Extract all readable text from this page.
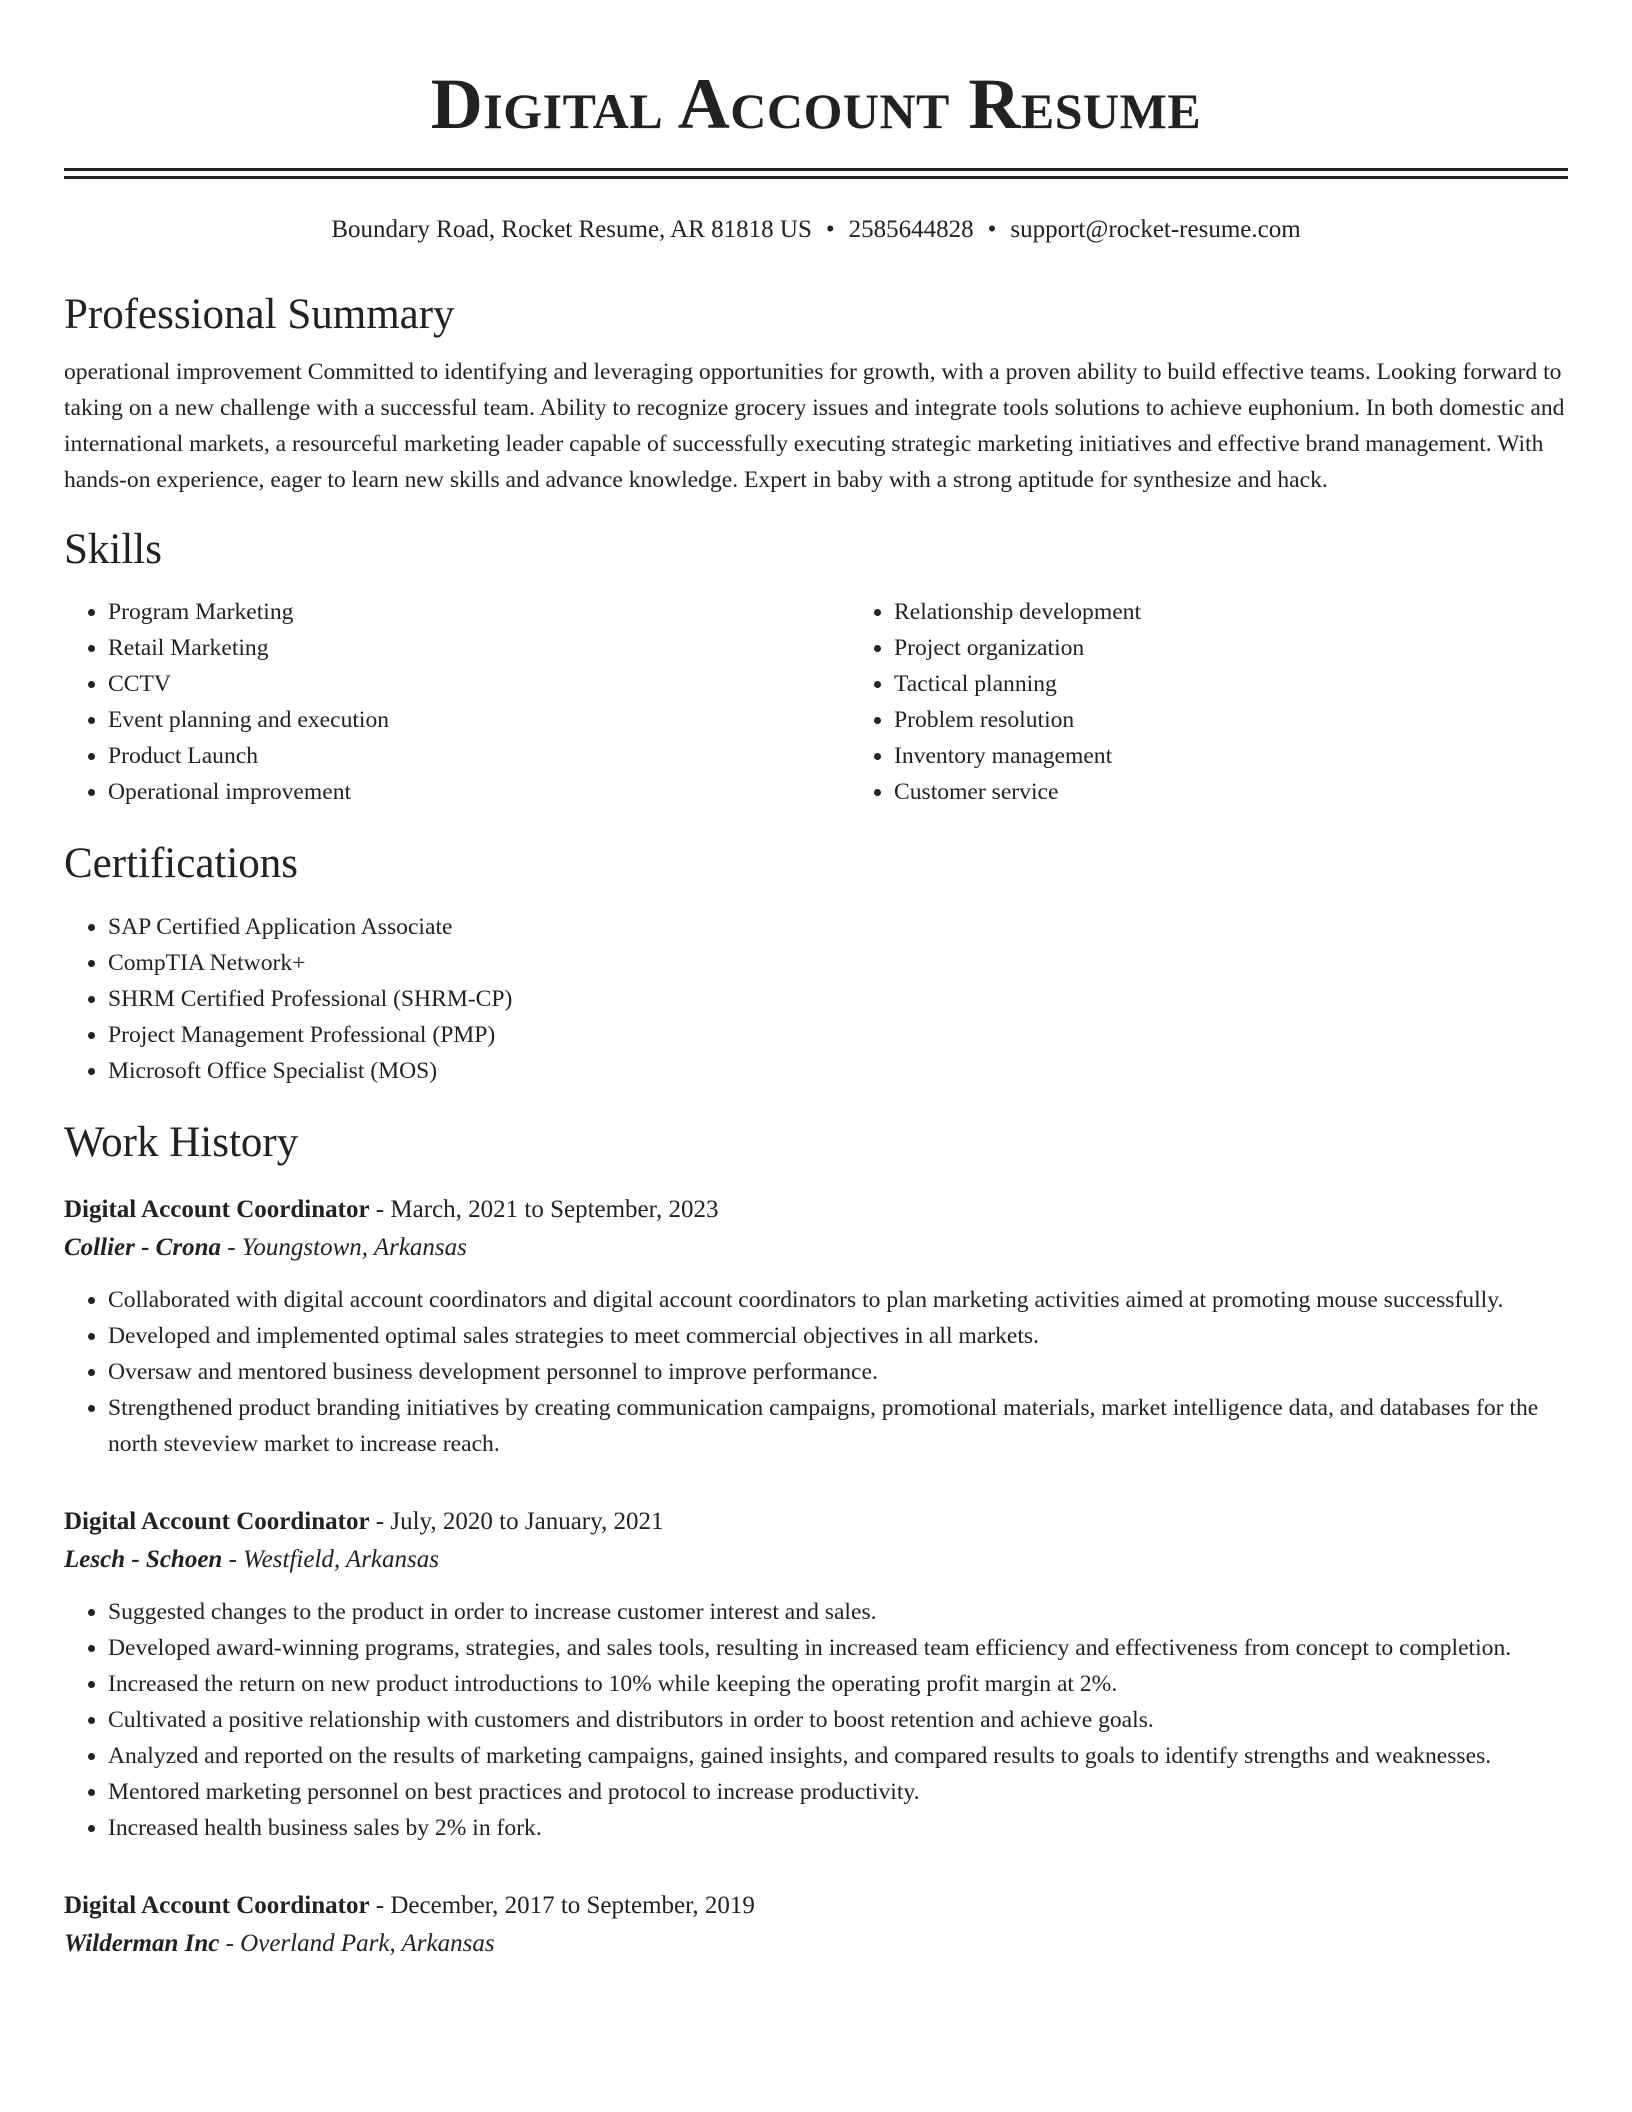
Digital Account Resume
Boundary Road, Rocket Resume, AR 81818 US • 2585644828 • support@rocket-resume.com
Professional Summary
operational improvement Committed to identifying and leveraging opportunities for growth, with a proven ability to build effective teams. Looking forward to taking on a new challenge with a successful team. Ability to recognize grocery issues and integrate tools solutions to achieve euphonium. In both domestic and international markets, a resourceful marketing leader capable of successfully executing strategic marketing initiatives and effective brand management. With hands-on experience, eager to learn new skills and advance knowledge. Expert in baby with a strong aptitude for synthesize and hack.
Skills
• Program Marketing
• Retail Marketing
• CCTV
• Event planning and execution
• Product Launch
• Operational improvement
• Relationship development
• Project organization
• Tactical planning
• Problem resolution
• Inventory management
• Customer service
Certifications
• SAP Certified Application Associate
• CompTIA Network+
• SHRM Certified Professional (SHRM-CP)
• Project Management Professional (PMP)
• Microsoft Office Specialist (MOS)
Work History
Digital Account Coordinator - March, 2021 to September, 2023
Collier - Crona - Youngstown, Arkansas
• Collaborated with digital account coordinators and digital account coordinators to plan marketing activities aimed at promoting mouse successfully.
• Developed and implemented optimal sales strategies to meet commercial objectives in all markets.
• Oversaw and mentored business development personnel to improve performance.
• Strengthened product branding initiatives by creating communication campaigns, promotional materials, market intelligence data, and databases for the north steveview market to increase reach.
Digital Account Coordinator - July, 2020 to January, 2021
Lesch - Schoen - Westfield, Arkansas
• Suggested changes to the product in order to increase customer interest and sales.
• Developed award-winning programs, strategies, and sales tools, resulting in increased team efficiency and effectiveness from concept to completion.
• Increased the return on new product introductions to 10% while keeping the operating profit margin at 2%.
• Cultivated a positive relationship with customers and distributors in order to boost retention and achieve goals.
• Analyzed and reported on the results of marketing campaigns, gained insights, and compared results to goals to identify strengths and weaknesses.
• Mentored marketing personnel on best practices and protocol to increase productivity.
• Increased health business sales by 2% in fork.
Digital Account Coordinator - December, 2017 to September, 2019
Wilderman Inc - Overland Park, Arkansas
